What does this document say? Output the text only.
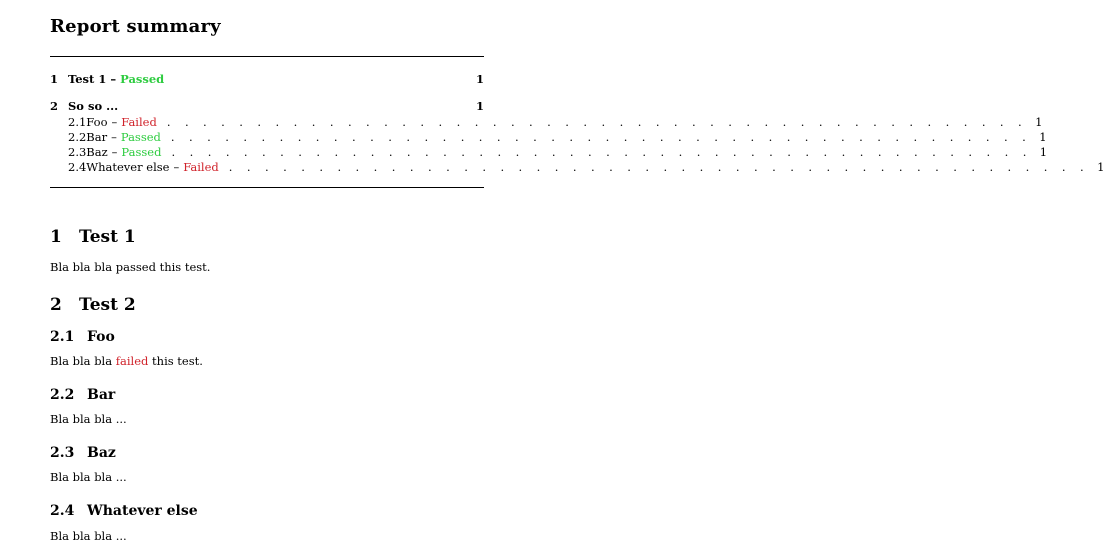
Report summary
1 Test 1 – Passed	1
2 So so ...	1
2.1 Foo – Failed . . . . . . . . . . . . . . . . . . . . . . . . . . . . . . . . . . . . . . . . . . . . . . . . 1
2.2 Bar – Passed . . . . . . . . . . . . . . . . . . . . . . . . . . . . . . . . . . . . . . . . . . . . . . . . 1
2.3 Baz – Passed . . . . . . . . . . . . . . . . . . . . . . . . . . . . . . . . . . . . . . . . . . . . . . . . 1
2.4 Whatever else – Failed . . . . . . . . . . . . . . . . . . . . . . . . . . . . . . . . . . . . . . . . . . . . . . . . 1
1 Test 1
Bla bla bla passed this test.
2 Test 2
2.1 Foo
Bla bla bla failed this test.
2.2 Bar
Bla bla bla ...
2.3 Baz
Bla bla bla ...
2.4 Whatever else
Bla bla bla ...
